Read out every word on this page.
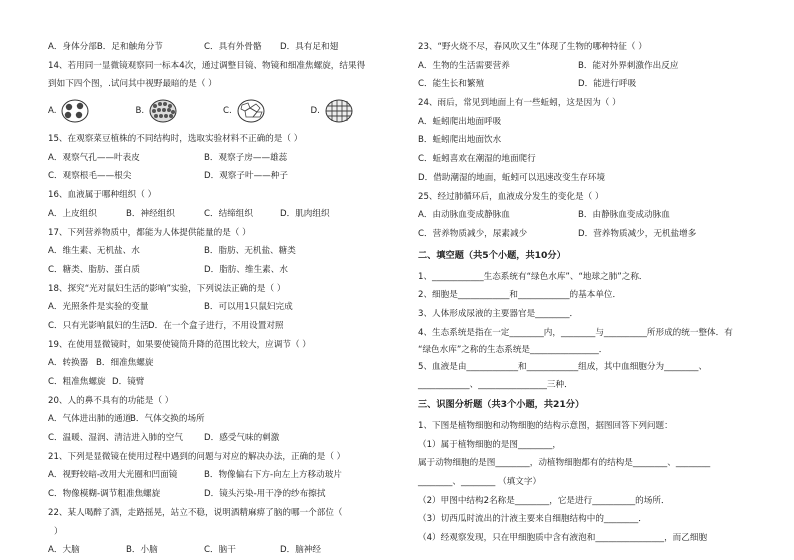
A．身体分部B．足和触角分节	C．具有外骨骼 D．具有足和翅
14、若用同一显微镜观察同一标本4次，通过调整目镜、物镜和细准焦螺旋，结果得
到如下四个图，.试问其中视野最暗的是（ ）
A.	B.	C.	D.
15、在观察菜豆植株的不同结构时，选取实验材料不正确的是（ ）
A．观察气孔——叶表皮	B．观察子房——雄蕊
C．观察根毛——根尖	D．观察子叶——种子
16、血液属于哪种组织（ ）
A．上皮组织	B．神经组织	C．结缔组织	D．肌肉组织
17、下列营养物质中，都能为人体提供能量的是（ ）
A．维生素、无机盐、水	B．脂肪、无机盐、糖类
C．糖类、脂肪、蛋白质	D．脂肪、维生素、水
18、探究“光对鼠妇生活的影响”实验，下列说法正确的是（ ）
A．光照条件是实验的变量	B．可以用1只鼠妇完成
C．只有光影响鼠妇的生活 D．在一个盒子进行，不用设置对照
19、在使用显微镜时，如果要使镜筒升降的范围比较大，应调节（ ）
A．转换器 B．细准焦螺旋
C．粗准焦螺旋 D．镜臂
20、人的鼻不具有的功能是（ ）
A．气体进出肺的通道
B．气体交换的场所
C．温暖、湿润、清洁进入肺的空气 D．感受气味的刺激
21、下列是显微镜在使用过程中遇到的问题与对应的解决办法，正确的是（ ）
A．视野较暗-改用大光圈和凹面镜	B．物像偏右下方-向左上方移动玻片
C．物像模糊-调节粗准焦螺旋	D．镜头污染-用干净的纱布擦拭
22、某人喝醉了酒，走路摇晃，站立不稳，说明酒精麻痹了脑的哪一个部位（
）
A．大脑	B．小脑	C．脑干	D．脑神经
23、“野火烧不尽，春风吹又生”体现了生物的哪种特征（ ）
A．生物的生活需要营养	B．能对外界刺激作出反应
C．能生长和繁殖	D．能进行呼吸
24、雨后，常见到地面上有一些蚯蚓，这是因为（ ）
A．蚯蚓爬出地面呼吸
B．蚯蚓爬出地面饮水
C．蚯蚓喜欢在潮湿的地面爬行
D．借助潮湿的地面，蚯蚓可以迅速改变生存环境
25、经过肺循环后，血液成分发生的变化是（ ）
A．由动脉血变成静脉血	B．由静脉血变成动脉血
C．营养物质减少，尿素减少	D．营养物质减少，无机盐增多
二、填空题（共5个小题，共10分）
1、____________生态系统有“绿色水库”、“地球之肺”之称．
2、细胞是____________和____________的基本单位．
3、人体形成尿液的主要器官是________．
4、生态系统是指在一定________内，________与__________所形成的统一整体．有
“绿色水库”之称的生态系统是________________．
5、血液是由____________和____________组成，其中血细胞分为________、
____________、________________三种．
三、识图分析题（共3个小题，共21分）
1、下图是植物细胞和动物细胞的结构示意图，据图回答下列问题：
（1）属于植物细胞的是图________，
属于动物细胞的是图________，动植物细胞都有的结构是________、________
________、________ （填文字）
（2）甲图中结构2名称是________，它是进行__________的场所．
（3）切西瓜时流出的汁液主要来自细胞结构中的________．
（4）经观察发现，只在甲细胞质中含有液泡和________________，而乙细胞
